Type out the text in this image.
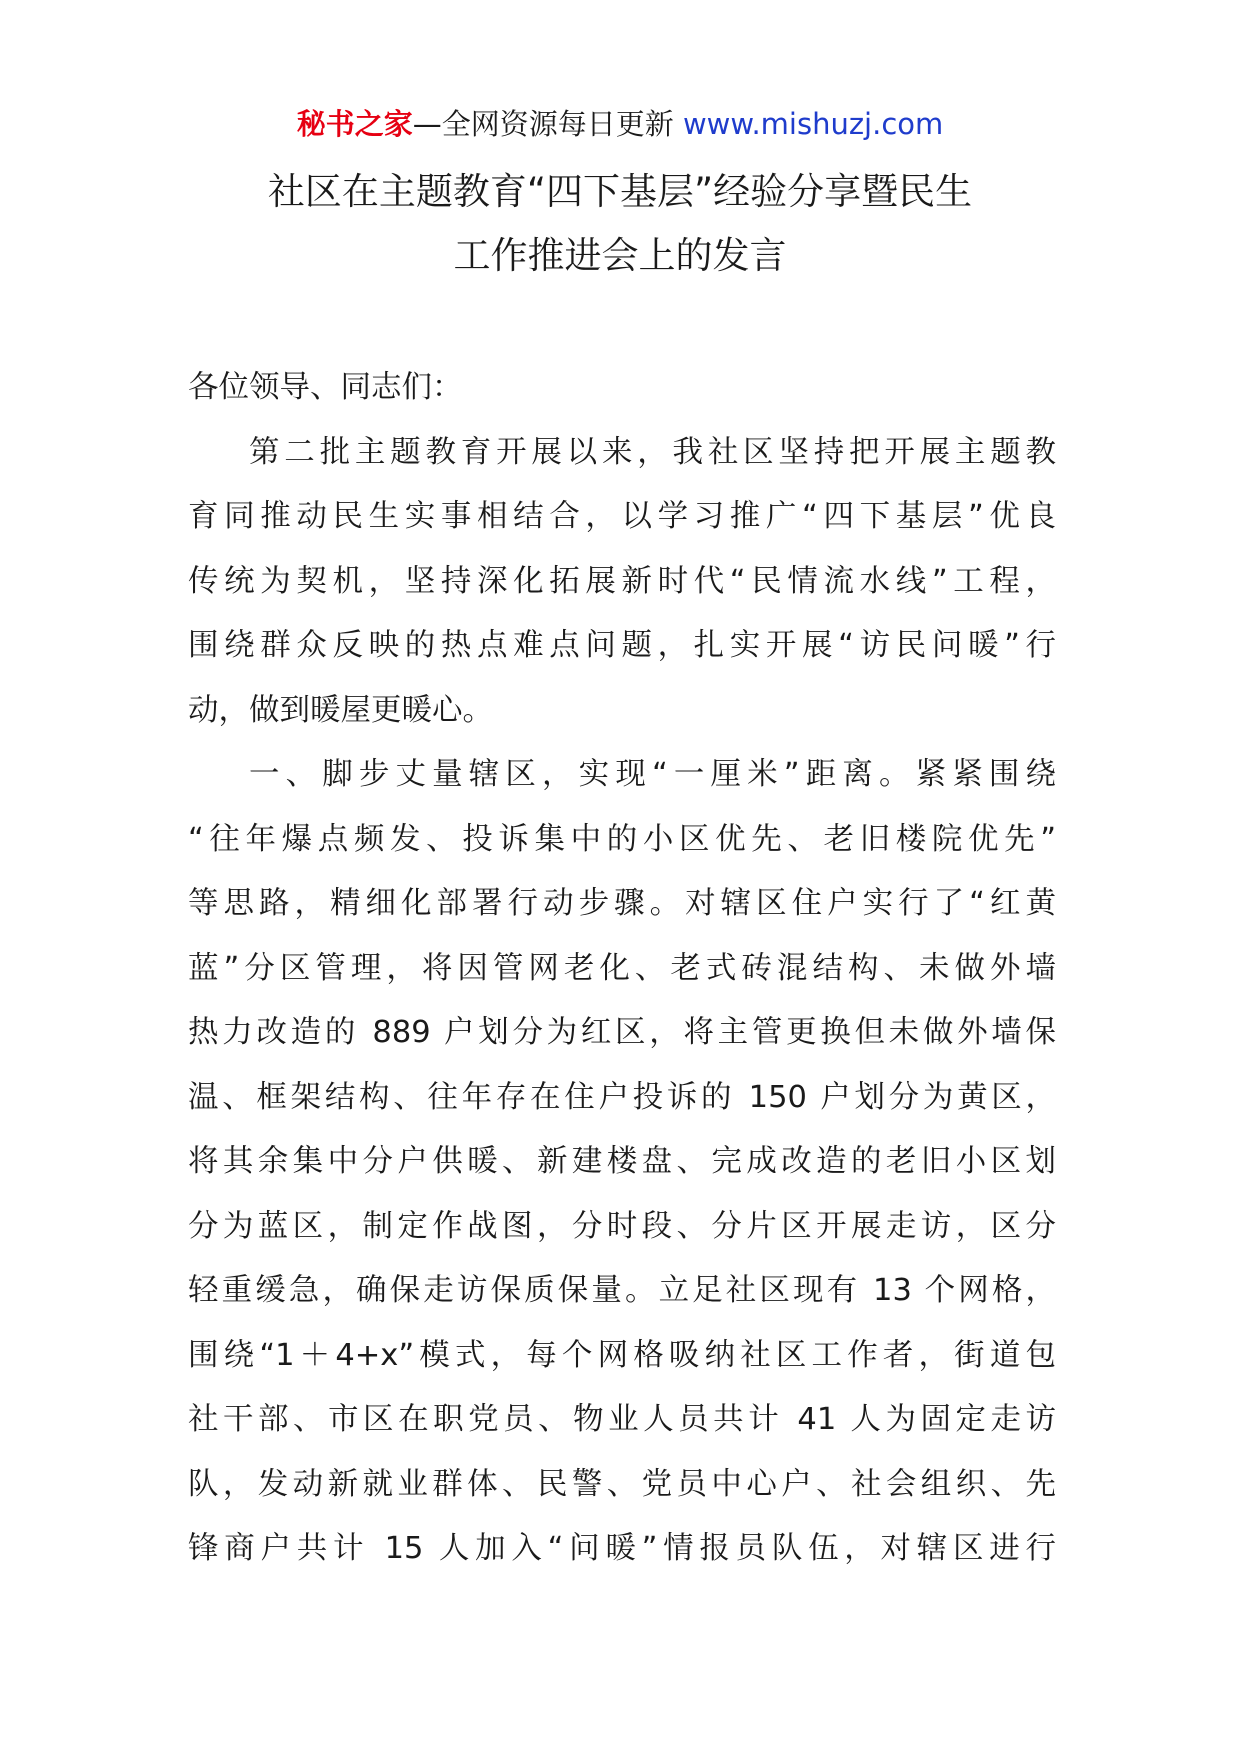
秘书之家—全网资源每日更新 www.mishuzj.com
社区在主题教育“四下基层”经验分享暨民生
工作推进会上的发言

各位领导、同志们：

第二批主题教育开展以来，我社区坚持把开展主题教
育同推动民生实事相结合，以学习推广“四下基层”优良
传统为契机，坚持深化拓展新时代“民情流水线”工程，
围绕群众反映的热点难点问题，扎实开展“访民问暖”行
动，做到暖屋更暖心。

一、脚步丈量辖区，实现“一厘米”距离。紧紧围绕
“往年爆点频发、投诉集中的小区优先、老旧楼院优先”
等思路，精细化部署行动步骤。对辖区住户实行了“红黄
蓝”分区管理，将因管网老化、老式砖混结构、未做外墙
热力改造的 889 户划分为红区，将主管更换但未做外墙保
温、框架结构、往年存在住户投诉的 150 户划分为黄区，
将其余集中分户供暖、新建楼盘、完成改造的老旧小区划
分为蓝区，制定作战图，分时段、分片区开展走访，区分
轻重缓急，确保走访保质保量。立足社区现有 13 个网格，
围绕“1＋4+x”模式，每个网格吸纳社区工作者，街道包
社干部、市区在职党员、物业人员共计 41 人为固定走访
队，发动新就业群体、民警、党员中心户、社会组织、先
锋商户共计 15 人加入“问暖”情报员队伍，对辖区进行
